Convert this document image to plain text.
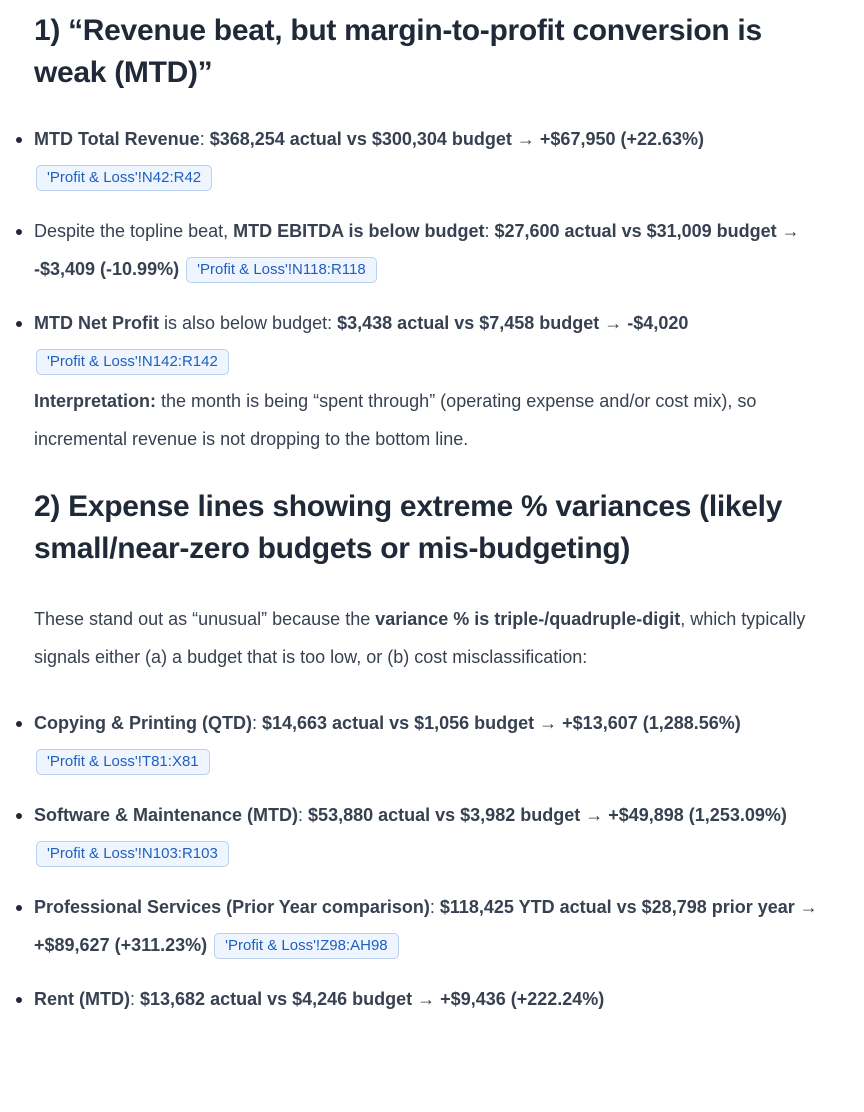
1) “Revenue beat, but margin-to-profit conversion is weak (MTD)”
MTD Total Revenue: $368,254 actual vs $300,304 budget → +$67,950 (+22.63%) 'Profit & Loss'!N42:R42
Despite the topline beat, MTD EBITDA is below budget: $27,600 actual vs $31,009 budget → -$3,409 (-10.99%) 'Profit & Loss'!N118:R118
MTD Net Profit is also below budget: $3,438 actual vs $7,458 budget → -$4,020 'Profit & Loss'!N142:R142

Interpretation: the month is being “spent through” (operating expense and/or cost mix), so incremental revenue is not dropping to the bottom line.

2) Expense lines showing extreme % variances (likely small/near-zero budgets or mis-budgeting)

These stand out as “unusual” because the variance % is triple-/quadruple-digit, which typically signals either (a) a budget that is too low, or (b) cost misclassification:

Copying & Printing (QTD): $14,663 actual vs $1,056 budget → +$13,607 (1,288.56%) 'Profit & Loss'!T81:X81
Software & Maintenance (MTD): $53,880 actual vs $3,982 budget → +$49,898 (1,253.09%) 'Profit & Loss'!N103:R103
Professional Services (Prior Year comparison): $118,425 YTD actual vs $28,798 prior year → +$89,627 (+311.23%) 'Profit & Loss'!Z98:AH98
Rent (MTD): $13,682 actual vs $4,246 budget → +$9,436 (+222.24%)
